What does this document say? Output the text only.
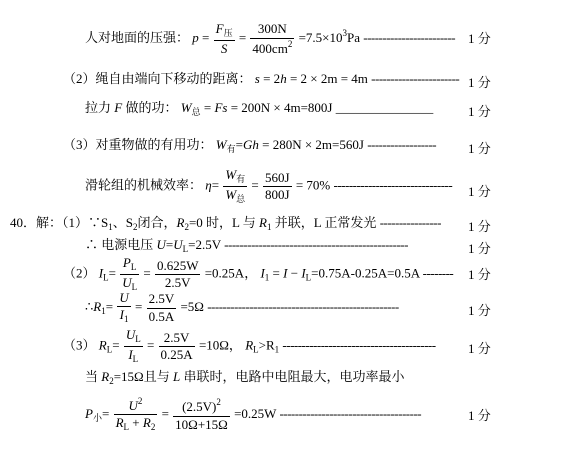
人对地面的压强： $p = \frac{F_压}{S} = \frac{300N}{400cm^2} =7.5\times 10^3Pa$ ------------------------ 1 分
（2）绳自由端向下移动的距离： s = 2h = 2 × 2m = 4m ----------------------- 1 分
拉力 F 做的功： $W_总 = Fs = 200N \times 4m=800J$ _______________	1 分
（3）对重物做的有用功： $W_有=Gh = 280N \times 2m=560J$ ------------------ 1 分
滑轮组的机械效率： $\eta= \frac{W_有}{W_总} = \frac{560J}{800J} = 70\%$ ------------------------------- 1 分
40．解：$(1)\because S_1$、$S_2$闭合，$R_2=0$ 时，L 与 $R_1$ 并联，L 正常发光 ---------------- 1 分
∴ 电源电压 $U=U_L=2.5V$ ------------------------------------------------	1 分
（2） $I_L= \frac{P_L}{U_L} = \frac{0.625W}{2.5V} =0.25A$， $I_1 = I - I_L=0.75A-0.25A=0.5A$ -------- 1 分
$\therefore R_1= \frac{U}{I_1} = \frac{2.5V}{0.5A} =5\Omega$ --------------------------------------------------	1 分
（3） $R_L= \frac{U_L}{I_L} = \frac{2.5V}{0.25A} =10\Omega$， $R_L>R_1$ ---------------------------------------- 1 分
当 $R_2=15\Omega$且与 L 串联时，电路中电阻最大，电功率最小
$P_小= \frac{U^2}{R_L + R_2} = \frac{(2.5V)^2}{10\Omega+15\Omega} =0.25W$ -------------------------------------	1 分
